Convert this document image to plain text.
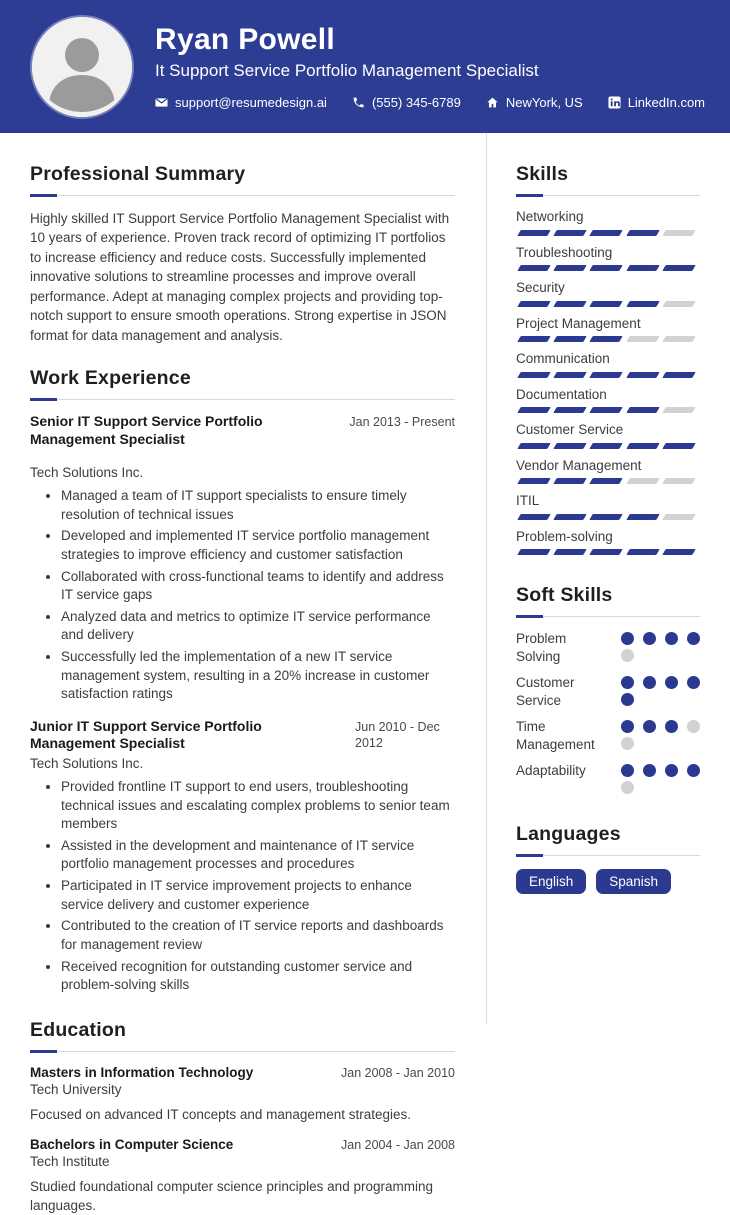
Ryan Powell
It Support Service Portfolio Management Specialist
support@resumedesign.ai	(555) 345-6789	NewYork, US	LinkedIn.com
Professional Summary
Highly skilled IT Support Service Portfolio Management Specialist with 10 years of experience. Proven track record of optimizing IT portfolios to increase efficiency and reduce costs. Successfully implemented innovative solutions to streamline processes and improve overall performance. Adept at managing complex projects and providing top-notch support to ensure smooth operations. Strong expertise in JSON format for data management and analysis.
Work Experience
Senior IT Support Service Portfolio Management Specialist
Jan 2013 - Present
Tech Solutions Inc.
• Managed a team of IT support specialists to ensure timely resolution of technical issues
• Developed and implemented IT service portfolio management strategies to improve efficiency and customer satisfaction
• Collaborated with cross-functional teams to identify and address IT service gaps
• Analyzed data and metrics to optimize IT service performance and delivery
• Successfully led the implementation of a new IT service management system, resulting in a 20% increase in customer satisfaction ratings
Junior IT Support Service Portfolio Management Specialist
Jun 2010 - Dec 2012
Tech Solutions Inc.
• Provided frontline IT support to end users, troubleshooting technical issues and escalating complex problems to senior team members
• Assisted in the development and maintenance of IT service portfolio management processes and procedures
• Participated in IT service improvement projects to enhance service delivery and customer experience
• Contributed to the creation of IT service reports and dashboards for management review
• Received recognition for outstanding customer service and problem-solving skills
Education
Masters in Information Technology	Jan 2008 - Jan 2010
Tech University
Focused on advanced IT concepts and management strategies.
Bachelors in Computer Science	Jan 2004 - Jan 2008
Tech Institute
Studied foundational computer science principles and programming languages.
Skills
Networking
Troubleshooting
Security
Project Management
Communication
Documentation
Customer Service
Vendor Management
ITIL
Problem-solving
Soft Skills
Problem Solving
Customer Service
Time Management
Adaptability
Languages
English	Spanish
